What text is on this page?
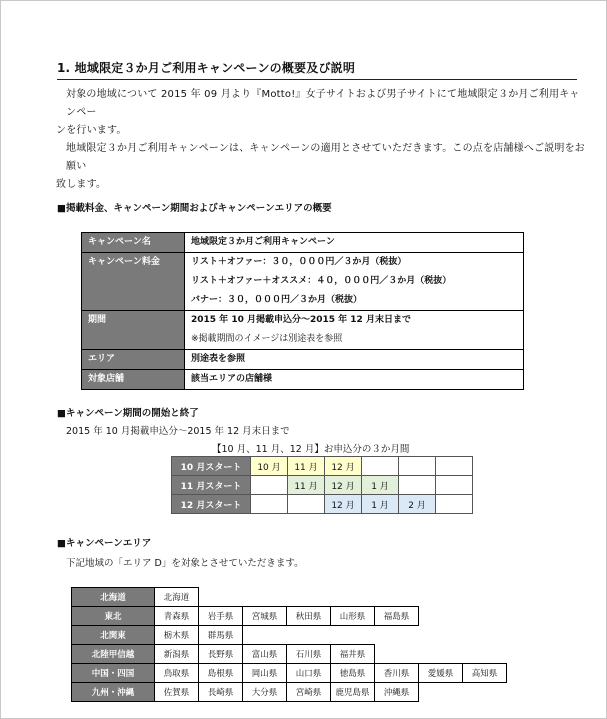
1. 地域限定３か月ご利用キャンペーンの概要及び説明
対象の地域について 2015 年 09 月より『Motto!』女子サイトおよび男子サイトにて地域限定３か月ご利用キャンペー
ンを行います。
地域限定３か月ご利用キャンペーンは、キャンペーンの適用とさせていただきます。この点を店舗様へご説明をお願い
致します。
■掲載料金、キャンペーン期間およびキャンペーンエリアの概要
キャンペーン名	地域限定３か月ご利用キャンペーン

キャンペーン料金	リスト＋オファー：３０，０００円／３か月（税抜）
リスト＋オファー＋オススメ：４０，０００円／３か月（税抜）
バナー：３０，０００円／３か月（税抜）

期間	2015 年 10 月掲載申込分～2015 年 12 月末日まで
※掲載期間のイメージは別途表を参照

エリア	別途表を参照

対象店舗	該当エリアの店舗様
■キャンペーン期間の開始と終了
2015 年 10 月掲載申込分～2015 年 12 月末日まで
【10 月、11 月、12 月】お申込分の３か月間
10 月スタート	10 月	11 月	12 月			
11 月スタート		11 月	12 月	1 月		
12 月スタート			12 月	1 月	2 月	
■キャンペーンエリア
下記地域の「エリア D」を対象とさせていただきます。
北海道	北海道							
東北	青森県	岩手県	宮城県	秋田県	山形県	福島県		
北関東	栃木県	群馬県						
北陸甲信越	新潟県	長野県	富山県	石川県	福井県			
中国・四国	鳥取県	島根県	岡山県	山口県	徳島県	香川県	愛媛県	高知県
九州・沖縄	佐賀県	長崎県	大分県	宮崎県	鹿児島県	沖縄県		
